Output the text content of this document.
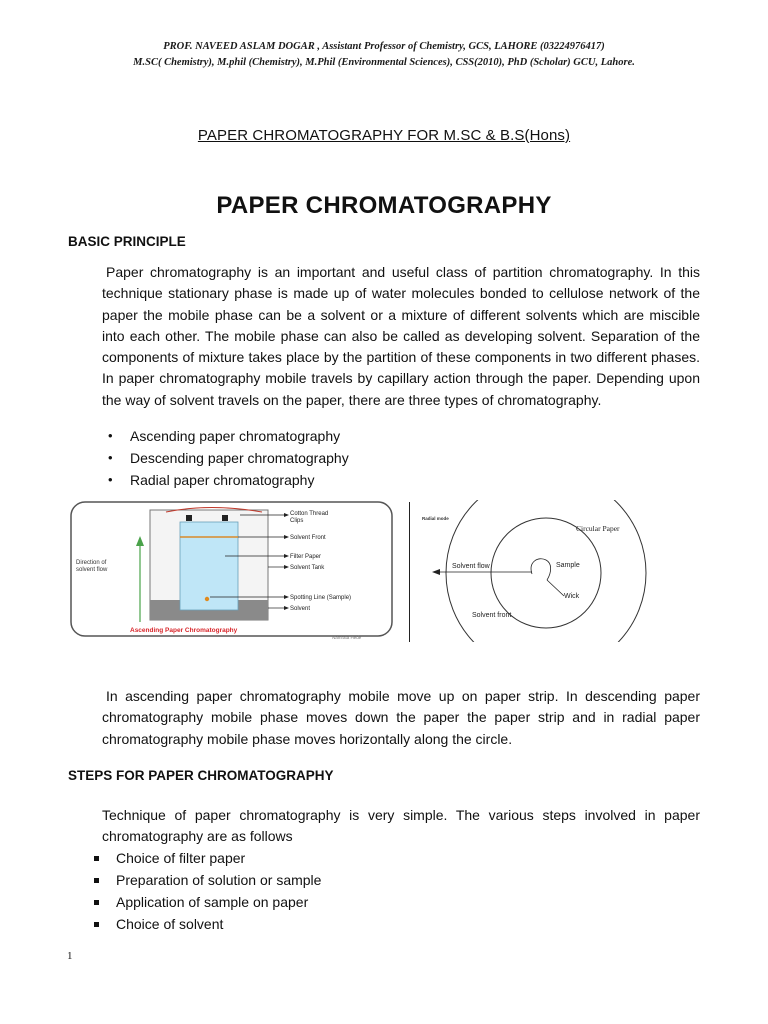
PROF. NAVEED ASLAM DOGAR , Assistant Professor of Chemistry, GCS, LAHORE (03224976417)
M.SC( Chemistry), M.phil (Chemistry), M.Phil (Environmental Sciences), CSS(2010), PhD (Scholar) GCU, Lahore.
PAPER CHROMATOGRAPHY FOR M.SC & B.S(Hons)
PAPER CHROMATOGRAPHY
BASIC PRINCIPLE

Paper chromatography is an important and useful class of partition chromatography. In this technique stationary phase is made up of water molecules bonded to cellulose network of the paper the mobile phase can be a solvent or a mixture of different solvents which are miscible into each other. The mobile phase can also be called as developing solvent. Separation of the components of mixture takes place by the partition of these components in two different phases. In paper chromatography mobile travels by capillary action through the paper. Depending upon the way of solvent travels on the paper, there are three types of chromatography.

• Ascending paper chromatography
• Descending paper chromatography
• Radial paper chromatography
Direction of
solvent flow
Cotton Thread
Clips
Solvent Front
Filter Paper
Solvent Tank
Spotting Line (Sample)
Solvent
Ascending Paper Chromatography
Namrata Hede
Radial mode
Circular Paper
Solvent flow	Sample
Wick
Solvent front

In ascending paper chromatography mobile move up on paper strip. In descending paper chromatography mobile phase moves down the paper the paper strip and in radial paper chromatography mobile phase moves horizontally along the circle.

STEPS FOR PAPER CHROMATOGRAPHY

Technique of paper chromatography is very simple. The various steps involved in paper chromatography are as follows

Choice of filter paper
Preparation of solution or sample
Application of sample on paper
Choice of solvent
1
